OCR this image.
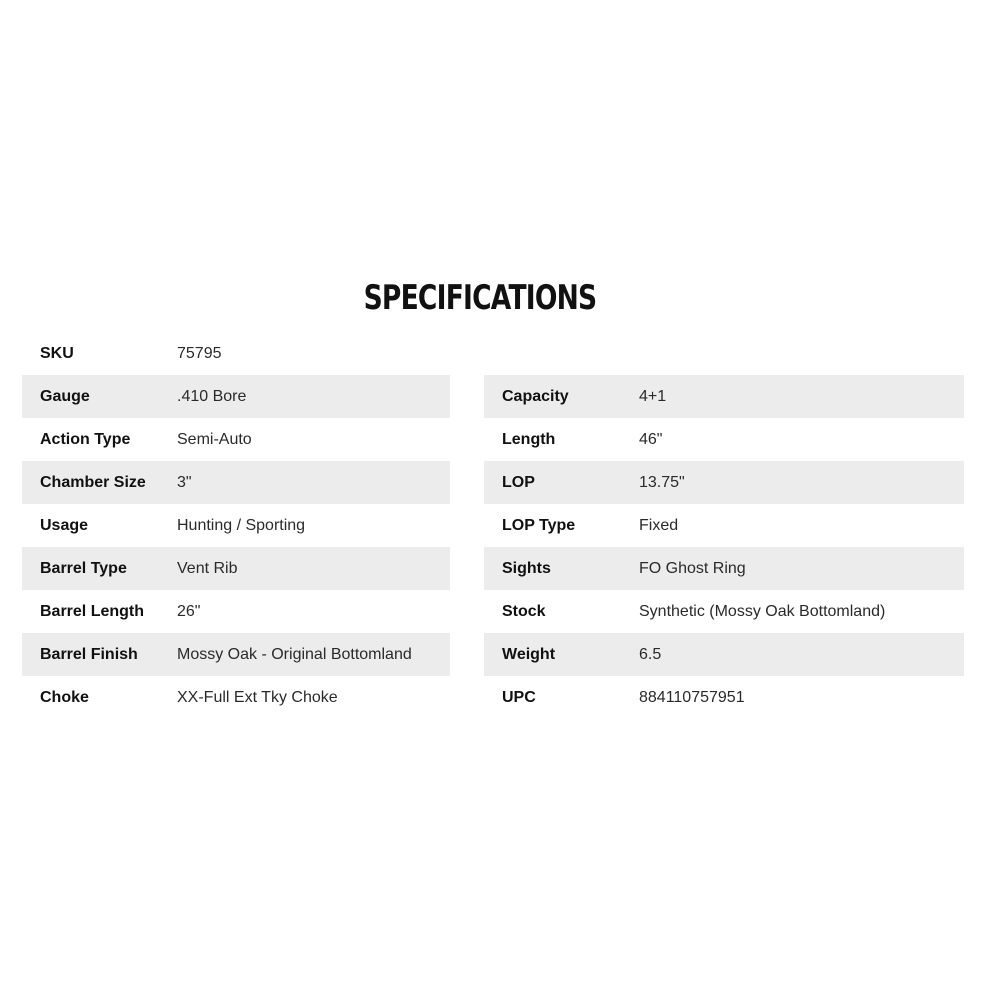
SPECIFICATIONS
SKU	75795
Gauge	.410 Bore
Action Type	Semi-Auto
Chamber Size	3"
Usage	Hunting / Sporting
Barrel Type	Vent Rib
Barrel Length	26"
Barrel Finish	Mossy Oak - Original Bottomland
Choke	XX-Full Ext Tky Choke
Capacity	4+1
Length	46"
LOP	13.75"
LOP Type	Fixed
Sights	FO Ghost Ring
Stock	Synthetic (Mossy Oak Bottomland)
Weight	6.5
UPC	884110757951
